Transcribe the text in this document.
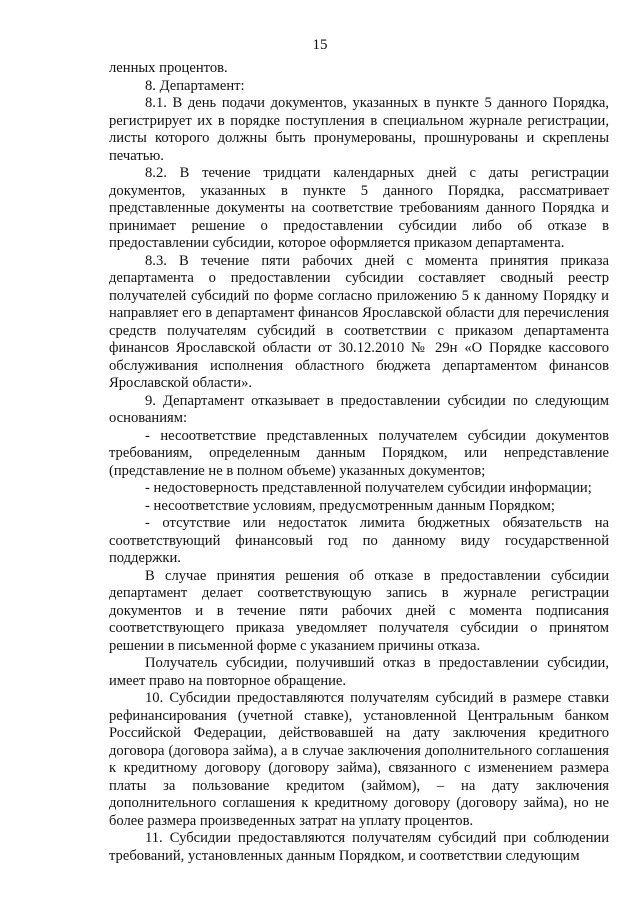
15

ленных процентов.

8. Департамент:

8.1. В день подачи документов, указанных в пункте 5 данного Порядка, регистрирует их в порядке поступления в специальном журнале регистрации, листы которого должны быть пронумерованы, прошнурованы и скреплены печатью.

8.2. В течение тридцати календарных дней с даты регистрации документов, указанных в пункте 5 данного Порядка, рассматривает представленные документы на соответствие требованиям данного Порядка и принимает решение о предоставлении субсидии либо об отказе в предоставлении субсидии, которое оформляется приказом департамента.

8.3. В течение пяти рабочих дней с момента принятия приказа департамента о предоставлении субсидии составляет сводный реестр получателей субсидий по форме согласно приложению 5 к данному Порядку и направляет его в департамент финансов Ярославской области для перечисления средств получателям субсидий в соответствии с приказом департамента финансов Ярославской области от 30.12.2010 № 29н «О Порядке кассового обслуживания исполнения областного бюджета департаментом финансов Ярославской области».

9. Департамент отказывает в предоставлении субсидии по следующим основаниям:

- несоответствие представленных получателем субсидии документов требованиям, определенным данным Порядком, или непредставление (представление не в полном объеме) указанных документов;

- недостоверность представленной получателем субсидии информации;

- несоответствие условиям, предусмотренным данным Порядком;

- отсутствие или недостаток лимита бюджетных обязательств на соответствующий финансовый год по данному виду государственной поддержки.

В случае принятия решения об отказе в предоставлении субсидии департамент делает соответствующую запись в журнале регистрации документов и в течение пяти рабочих дней с момента подписания соответствующего приказа уведомляет получателя субсидии о принятом решении в письменной форме с указанием причины отказа.

Получатель субсидии, получивший отказ в предоставлении субсидии, имеет право на повторное обращение.

10. Субсидии предоставляются получателям субсидий в размере ставки рефинансирования (учетной ставке), установленной Центральным банком Российской Федерации, действовавшей на дату заключения кредитного договора (договора займа), а в случае заключения дополнительного соглашения к кредитному договору (договору займа), связанного с изменением размера платы за пользование кредитом (займом), – на дату заключения дополнительного соглашения к кредитному договору (договору займа), но не более размера произведенных затрат на уплату процентов.

11. Субсидии предоставляются получателям субсидий при соблюдении требований, установленных данным Порядком, и соответствии следующим
